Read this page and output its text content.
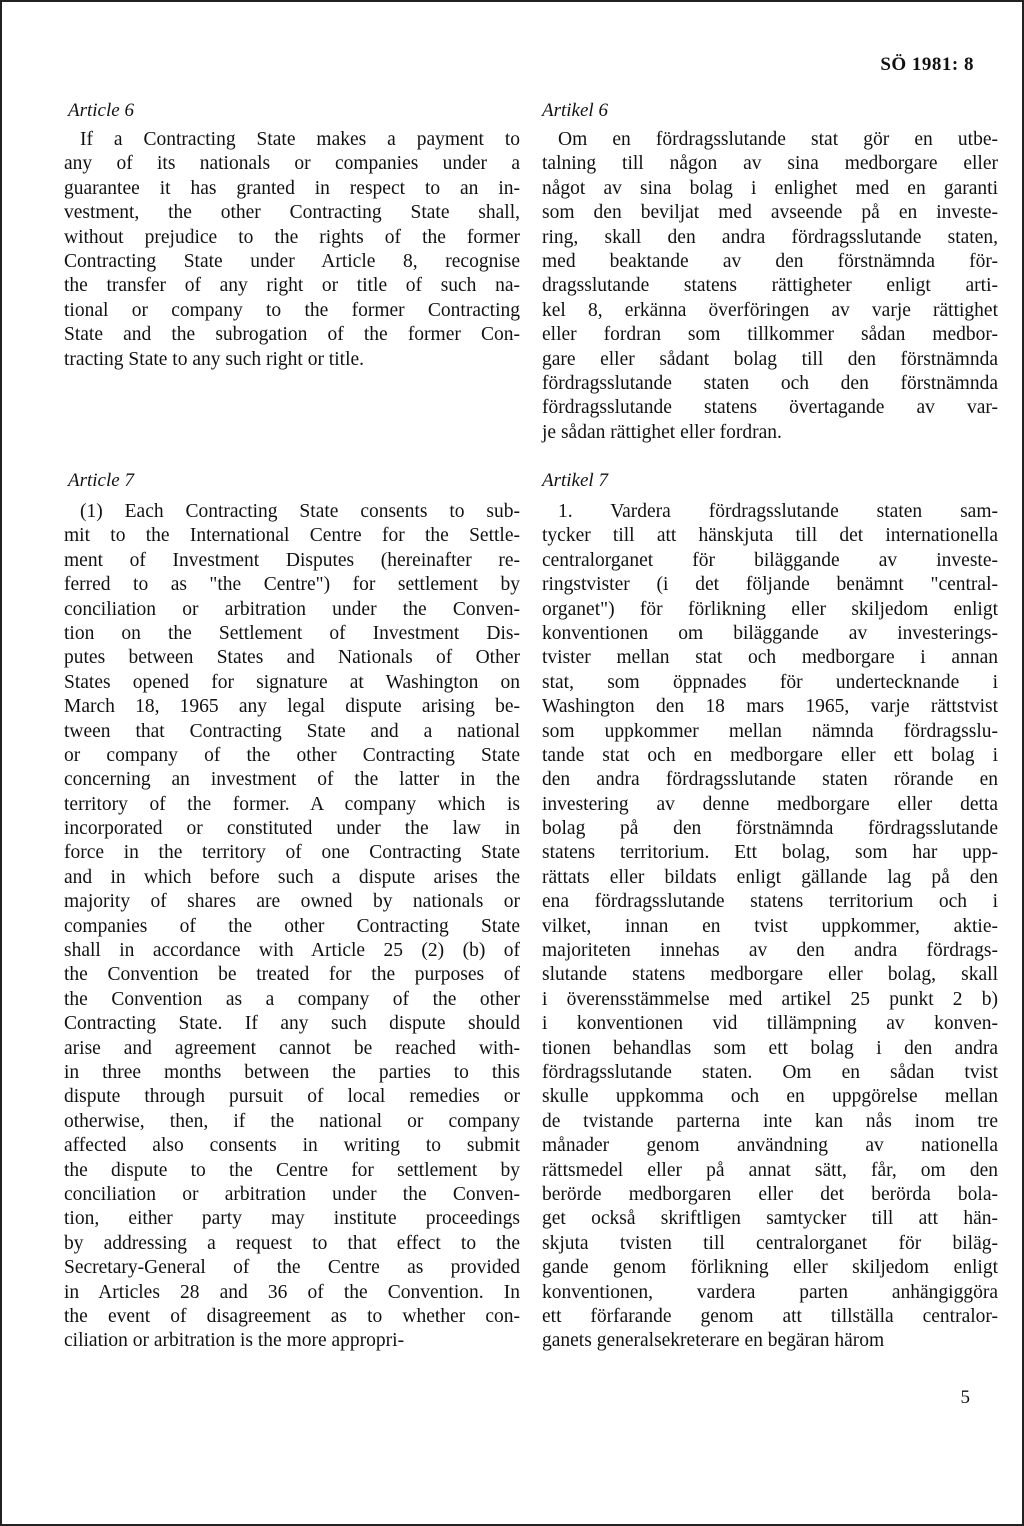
SÖ 1981: 8
Article 6
If a Contracting State makes a payment to
any of its nationals or companies under a
guarantee it has granted in respect to an in-
vestment, the other Contracting State shall,
without prejudice to the rights of the former
Contracting State under Article 8, recognise
the transfer of any right or title of such na-
tional or company to the former Contracting
State and the subrogation of the former Con-
tracting State to any such right or title.
Article 7
(1) Each Contracting State consents to sub-
mit to the International Centre for the Settle-
ment of Investment Disputes (hereinafter re-
ferred to as "the Centre") for settlement by
conciliation or arbitration under the Conven-
tion on the Settlement of Investment Dis-
putes between States and Nationals of Other
States opened for signature at Washington on
March 18, 1965 any legal dispute arising be-
tween that Contracting State and a national
or company of the other Contracting State
concerning an investment of the latter in the
territory of the former. A company which is
incorporated or constituted under the law in
force in the territory of one Contracting State
and in which before such a dispute arises the
majority of shares are owned by nationals or
companies of the other Contracting State
shall in accordance with Article 25 (2) (b) of
the Convention be treated for the purposes of
the Convention as a company of the other
Contracting State. If any such dispute should
arise and agreement cannot be reached with-
in three months between the parties to this
dispute through pursuit of local remedies or
otherwise, then, if the national or company
affected also consents in writing to submit
the dispute to the Centre for settlement by
conciliation or arbitration under the Conven-
tion, either party may institute proceedings
by addressing a request to that effect to the
Secretary-General of the Centre as provided
in Articles 28 and 36 of the Convention. In
the event of disagreement as to whether con-
ciliation or arbitration is the more appropri-
Artikel 6
Om en fördragsslutande stat gör en utbe-
talning till någon av sina medborgare eller
något av sina bolag i enlighet med en garanti
som den beviljat med avseende på en investe-
ring, skall den andra fördragsslutande staten,
med beaktande av den förstnämnda för-
dragsslutande statens rättigheter enligt arti-
kel 8, erkänna överföringen av varje rättighet
eller fordran som tillkommer sådan medbor-
gare eller sådant bolag till den förstnämnda
fördragsslutande staten och den förstnämnda
fördragsslutande statens övertagande av var-
je sådan rättighet eller fordran.
Artikel 7
1. Vardera fördragsslutande staten sam-
tycker till att hänskjuta till det internationella
centralorganet för biläggande av investe-
ringstvister (i det följande benämnt "central-
organet") för förlikning eller skiljedom enligt
konventionen om biläggande av investerings-
tvister mellan stat och medborgare i annan
stat, som öppnades för undertecknande i
Washington den 18 mars 1965, varje rättstvist
som uppkommer mellan nämnda fördragsslu-
tande stat och en medborgare eller ett bolag i
den andra fördragsslutande staten rörande en
investering av denne medborgare eller detta
bolag på den förstnämnda fördragsslutande
statens territorium. Ett bolag, som har upp-
rättats eller bildats enligt gällande lag på den
ena fördragsslutande statens territorium och i
vilket, innan en tvist uppkommer, aktie-
majoriteten innehas av den andra fördrags-
slutande statens medborgare eller bolag, skall
i överensstämmelse med artikel 25 punkt 2 b)
i konventionen vid tillämpning av konven-
tionen behandlas som ett bolag i den andra
fördragsslutande staten. Om en sådan tvist
skulle uppkomma och en uppgörelse mellan
de tvistande parterna inte kan nås inom tre
månader genom användning av nationella
rättsmedel eller på annat sätt, får, om den
berörde medborgaren eller det berörda bola-
get också skriftligen samtycker till att hän-
skjuta tvisten till centralorganet för biläg-
gande genom förlikning eller skiljedom enligt
konventionen, vardera parten anhängiggöra
ett förfarande genom att tillställa centralor-
ganets generalsekreterare en begäran härom
5
